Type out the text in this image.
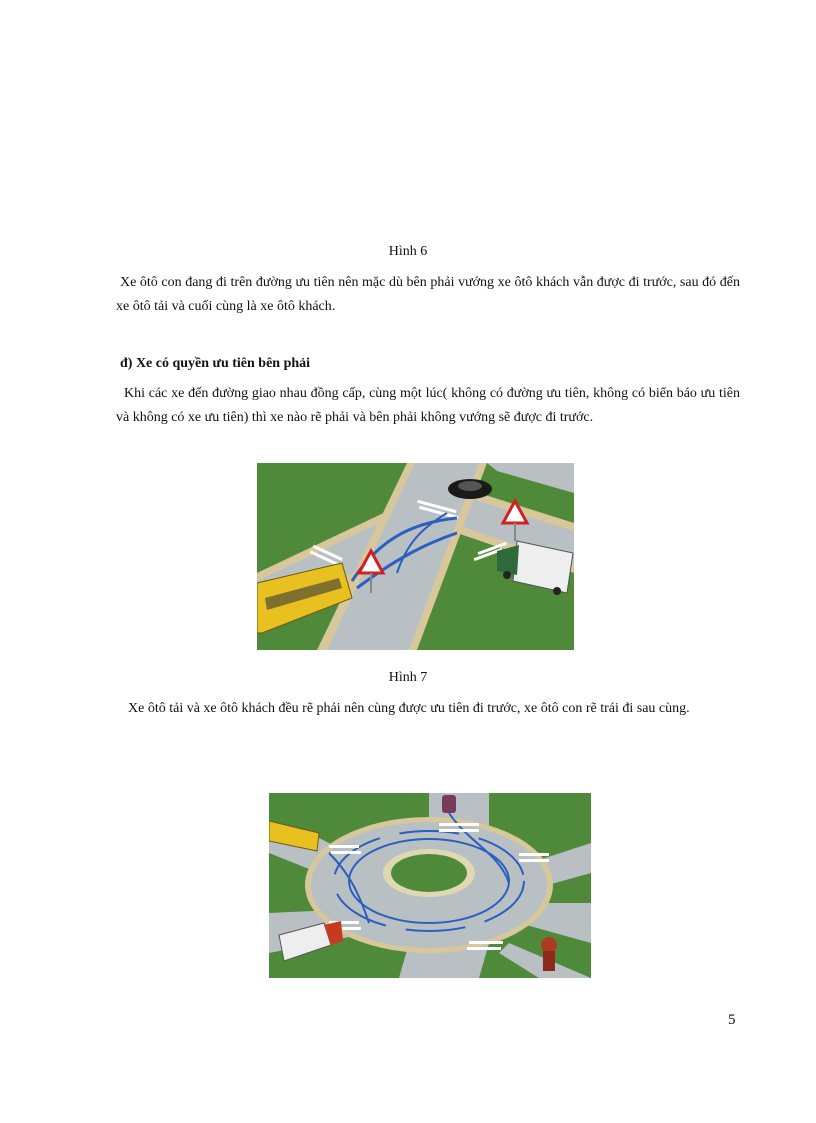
Hình 6
Xe ôtô con đang đi trên đường ưu tiên nên mặc dù bên phải vướng xe ôtô khách vẫn được đi trước, sau đó đến xe ôtô tải và cuối cùng là xe ôtô khách.
đ) Xe có quyền ưu tiên bên phải
Khi các xe đến đường giao nhau đồng cấp, cùng một lúc( không có đường ưu tiên, không có biển báo ưu tiên và không có xe ưu tiên) thì xe nào rẽ phải và bên phải không vướng sẽ được đi trước.
Hình 7
Xe ôtô tải và xe ôtô khách đều rẽ phải nên cùng được ưu tiên đi trước, xe ôtô con rẽ trái đi sau cùng.
5
